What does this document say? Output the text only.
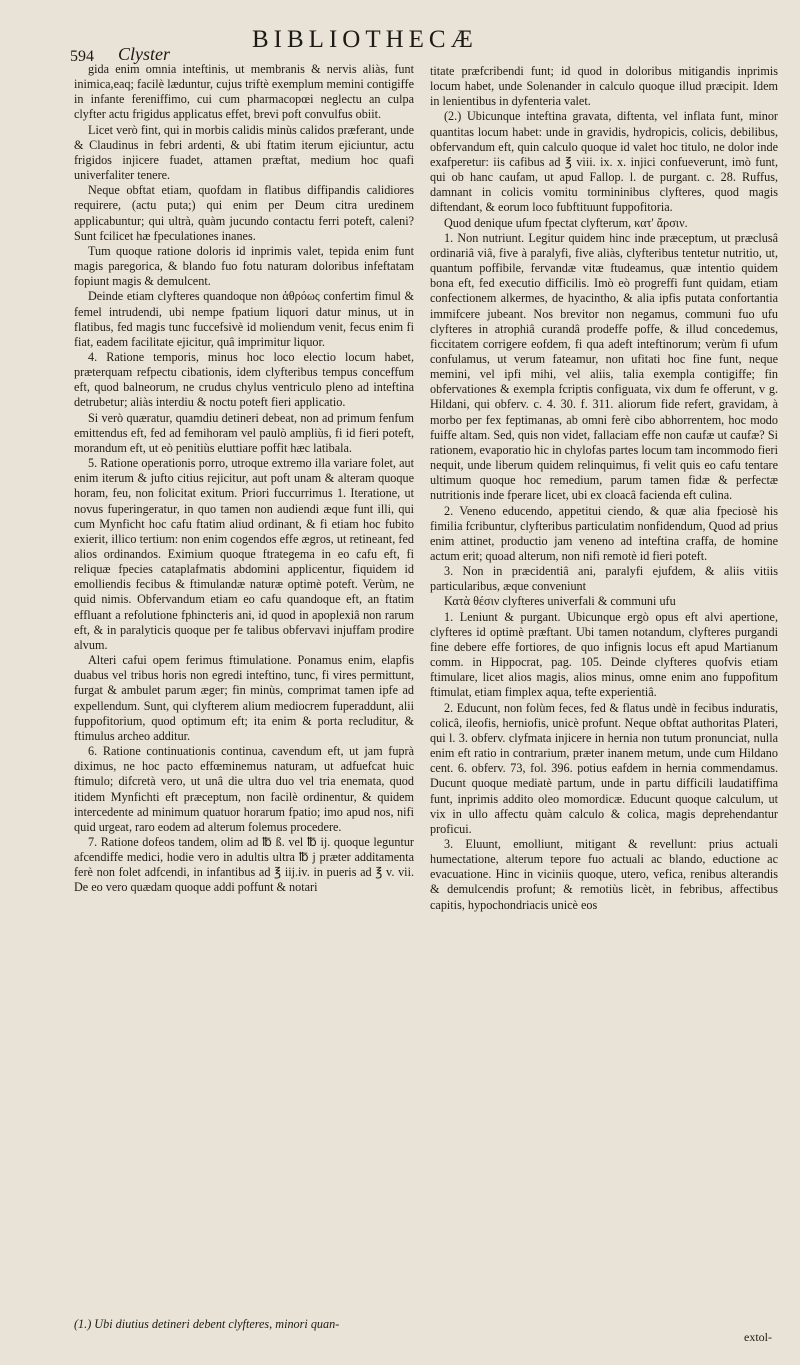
594 Clyster
BIBLIOTHECÆ

gida enim omnia inteftinis, ut membranis & nervis aliàs, funt inimica,eaq; facilè læduntur, cujus triftè exemplum memini contigiffe in infante fereniffimo, cui cum pharmacopœi neglectu an culpa clyfter actu frigidus applicatus effet, brevi poft convulfus obiit.

Licet verò fint, qui in morbis calidis minùs calidos præferant, unde & Claudinus in febri ardenti, & ubi ftatim iterum ejiciuntur, actu frigidos injicere fuadet, attamen præftat, medium hoc quafi univerfaliter tenere.

Neque obftat etiam, quofdam in flatibus diffipandis calidiores requirere, (actu puta;) qui enim per Deum citra uredinem applicabuntur; qui ultrà, quàm jucundo contactu ferri poteft, caleni? Sunt fcilicet hæ fpeculationes inanes.

Tum quoque ratione doloris id inprimis valet, tepida enim funt magis paregorica, & blando fuo fotu naturam doloribus infeftatam fopiunt magis & demulcent.

Deinde etiam clyfteres quandoque non ἀθρόως confertim fimul & femel intrudendi, ubi nempe fpatium liquori datur minus, ut in flatibus, fed magis tunc fuccefsivè id moliendum venit, fecus enim fi fiat, eadem facilitate ejicitur, quâ imprimitur liquor.

4. Ratione temporis, minus hoc loco electio locum habet, præterquam refpectu cibationis, idem clyfteribus tempus conceffum eft, quod balneorum, ne crudus chylus ventriculo pleno ad inteftina detrubetur; aliàs interdiu & noctu poteft fieri applicatio.

Si verò quæratur, quamdiu detineri debeat, non ad primum fenfum emittendus eft, fed ad femihoram vel paulò ampliùs, fi id fieri poteft, morandum eft, ut eò penitiùs eluttiare poffit hæc latibala.

5. Ratione operationis porro, utroque extremo illa variare folet, aut enim iterum & jufto citius rejicitur, aut poft unam & alteram quoque horam, feu, non folicitat exitum. Priori fuccurrimus 1. Iteratione, ut novus fuperingeratur, in quo tamen non audiendi æque funt illi, qui cum Mynficht hoc cafu ftatim aliud ordinant, & fi etiam hoc fubito exierit, illico tertium: non enim cogendos effe ægros, ut retineant, fed alios ordinandos. Eximium quoque ftrategema in eo cafu eft, fi reliquæ fpecies cataplafmatis abdomini applicentur, fiquidem id emolliendis fecibus & ftimulandæ naturæ optimè poteft. Verùm, ne quid nimis. Obfervandum etiam eo cafu quandoque eft, an ftatim effluant a refolutione fphincteris ani, id quod in apoplexiâ non rarum eft, & in paralyticis quoque per fe talibus obfervavi injuffam prodire alvum.

Alteri cafui opem ferimus ftimulatione. Ponamus enim, elapfis duabus vel tribus horis non egredi inteftino, tunc, fi vires permittunt, furgat & ambulet parum æger; fin minùs, comprimat tamen ipfe ad expellendum. Sunt, qui clyfterem alium mediocrem fuperaddunt, alii fuppofitorium, quod optimum eft; ita enim & porta recluditur, & ftimulus archeo additur.

6. Ratione continuationis continua, cavendum eft, ut jam fuprà diximus, ne hoc pacto effœminemus naturam, ut adfuefcat huic ftimulo; difcretà vero, ut unâ die ultra duo vel tria enemata, quod itidem Mynfichti eft præceptum, non facilè ordinentur, & quidem intercedente ad minimum quatuor horarum fpatio; imo apud nos, nifi quid urgeat, raro eodem ad alterum folemus procedere.

7. Ratione dofeos tandem, olim ad ℔ ß. vel ℔ ij. quoque leguntur afcendiffe medici, hodie vero in adultis ultra ℔ j præter additamenta ferè non folet adfcendi, in infantibus ad ℥ iij.iv. in pueris ad ℥ v. vii. De eo vero quædam quoque addi poffunt & notari

(1.) Ubi diutius detineri debent clyfteres, minori quan-

titate præfcribendi funt; id quod in doloribus mitigandis inprimis locum habet, unde Solenander in calculo quoque illud præcipit. Idem in lenientibus in dyfenteria valet.

(2.) Ubicunque inteftina gravata, diftenta, vel inflata funt, minor quantitas locum habet: unde in gravidis, hydropicis, colicis, debilibus, obfervandum eft, quin calculo quoque id valet hoc titulo, ne dolor inde exafperetur: iis cafibus ad ℥ viii. ix. x. injici confueverunt, imò funt, qui ob hanc caufam, ut apud Fallop. l. de purgant. c. 28. Ruffus, damnant in colicis vomitu tormininibus clyfteres, quod magis diftendant, & eorum loco fubftituunt fuppofitoria.

Quod denique ufum fpectat clyfterum, κατ' ἄρσιν.

1. Non nutriunt. Legitur quidem hinc inde præceptum, ut præclusâ ordinariâ viâ, five à paralyfi, five aliàs, clyfteribus tentetur nutritio, ut, quantum poffibile, fervandæ vitæ ftudeamus, quæ intentio quidem bona eft, fed executio difficilis. Imò eò progreffi funt quidam, etiam confectionem alkermes, de hyacintho, & alia ipfis putata confortantia immifcere jubeant. Nos brevitor non negamus, communi fuo ufu clyfteres in atrophiâ curandâ prodeffe poffe, & illud concedemus, ficcitatem corrigere eofdem, fi qua adeft inteftinorum; verùm fi ufum confulamus, ut verum fateamur, non ufitati hoc fine funt, neque memini, vel ipfi mihi, vel aliis, talia exempla contigiffe; fin obfervationes & exempla fcriptis configuata, vix dum fe offerunt, v g. Hildani, qui obferv. c. 4. 30. f. 311. aliorum fide refert, gravidam, à morbo per fex feptimanas, ab omni ferè cibo abhorrentem, hoc modo fuiffe altam. Sed, quis non videt, fallaciam effe non caufæ ut caufæ? Si rationem, evaporatio hic in chylofas partes locum tam incommodo fieri nequit, unde liberum quidem relinquimus, fi velit quis eo cafu tentare ultimum quoque hoc remedium, parum tamen fidæ & perfectæ nutritionis inde fperare licet, ubi ex cloacâ facienda eft culina.

2. Veneno educendo, appetitui ciendo, & quæ alia fpeciosè his fimilia fcribuntur, clyfteribus particulatim nonfidendum, Quod ad prius enim attinet, productio jam veneno ad inteftina craffa, de homine actum erit; quoad alterum, non nifi remotè id fieri poteft.

3. Non in præcidentiâ ani, paralyfi ejufdem, & aliis vitiis particularibus, æque conveniunt

Κατὰ θέσιν clyfteres univerfali & communi ufu

1. Leniunt & purgant. Ubicunque ergò opus eft alvi apertione, clyfteres id optimè præftant. Ubi tamen notandum, clyfteres purgandi fine debere effe fortiores, de quo infignis locus eft apud Martianum comm. in Hippocrat, pag. 105. Deinde clyfteres quofvis etiam ftimulare, licet alios magis, alios minus, omne enim ano fuppofitum ftimulat, etiam fimplex aqua, tefte experientiâ.

2. Educunt, non folùm feces, fed & flatus undè in fecibus induratis, colicâ, ileofis, herniofis, unicè profunt. Neque obftat authoritas Plateri, qui l. 3. obferv. clyfmata injicere in hernia non tutum pronunciat, nulla enim eft ratio in contrarium, præter inanem metum, unde cum Hildano cent. 6. obferv. 73, fol. 396. potius eafdem in hernia commendamus. Ducunt quoque mediatè partum, unde in partu difficili laudatiffima funt, inprimis addito oleo momordicæ. Educunt quoque calculum, ut vix in ullo affectu quàm calculo & colica, magis deprehendantur proficui.

3. Eluunt, emolliunt, mitigant & revellunt: prius actuali humectatione, alterum tepore fuo actuali ac blando, eductione ac evacuatione. Hinc in viciniis quoque, utero, vefica, renibus alterandis & demulcendis profunt; & remotiùs licèt, in febribus, affectibus capitis, hypochondriacis unicè eos

extol-
